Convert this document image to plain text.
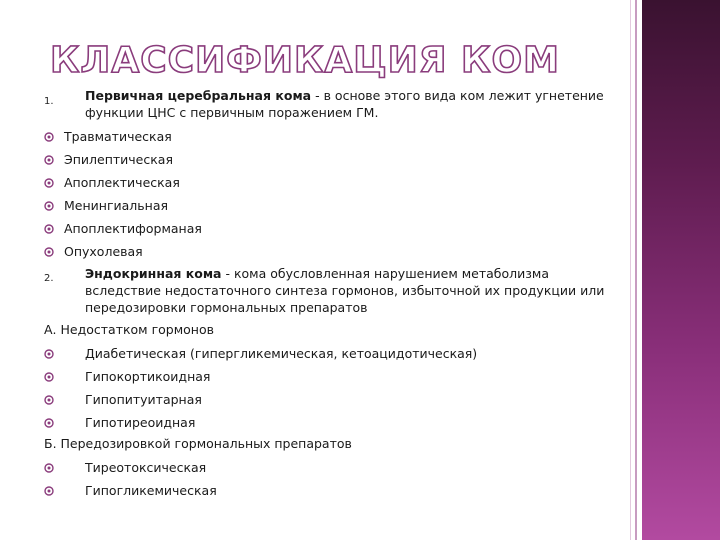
КЛАССИФИКАЦИЯ КОМ
1.	Первичная церебральная кома - в основе этого вида ком лежит угнетение функции ЦНС с первичным поражением ГМ.
Травматическая
Эпилептическая
Апоплектическая
Менингиальная
Апоплектиформаная
Опухолевая
2.	Эндокринная кома - кома обусловленная нарушением метаболизма вследствие недостаточного синтеза гормонов, избыточной их продукции или передозировки гормональных препаратов
А. Недостатком гормонов
Диабетическая (гипергликемическая, кетоацидотическая)
Гипокортикоидная
Гипопитуитарная
Гипотиреоидная
Б. Передозировкой гормональных препаратов
Тиреотоксическая
Гипогликемическая
